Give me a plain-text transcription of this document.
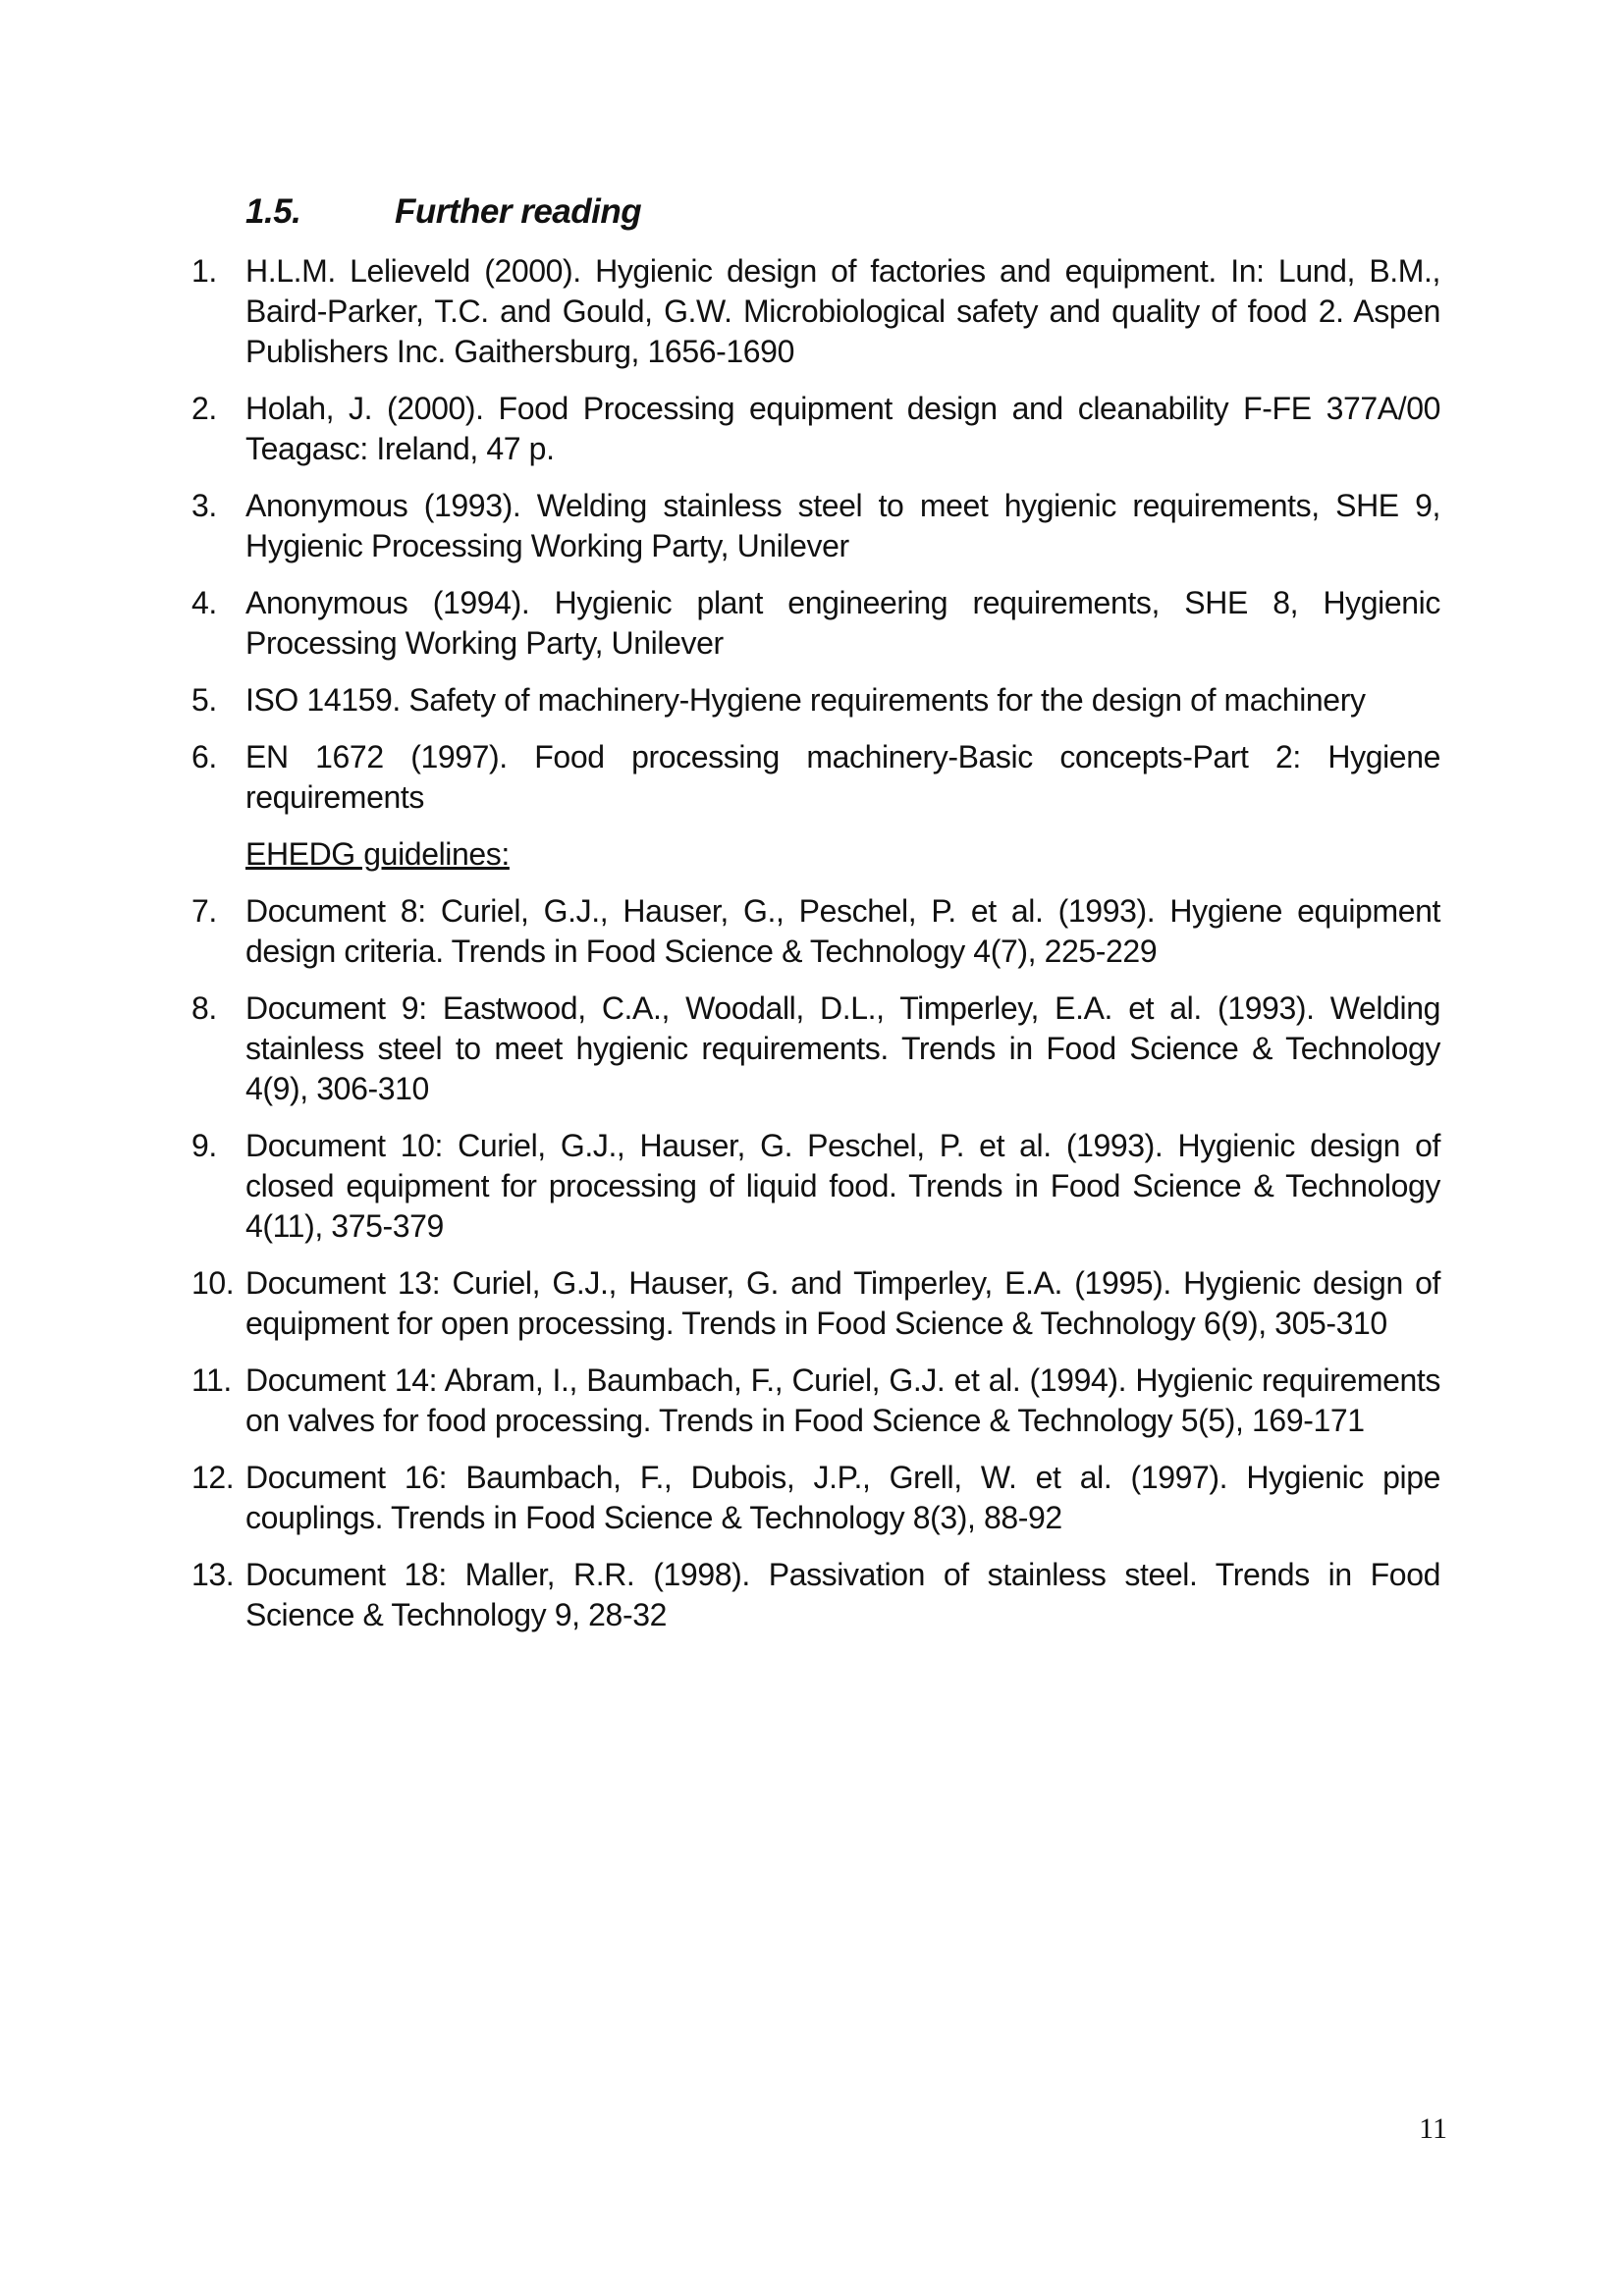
1.5.	Further reading
1. H.L.M. Lelieveld (2000). Hygienic design of factories and equipment. In: Lund, B.M., Baird-Parker, T.C. and Gould, G.W. Microbiological safety and quality of food 2. Aspen Publishers Inc. Gaithersburg, 1656-1690
2. Holah, J. (2000). Food Processing equipment design and cleanability F-FE 377A/00 Teagasc: Ireland, 47 p.
3. Anonymous (1993). Welding stainless steel to meet hygienic requirements, SHE 9, Hygienic Processing Working Party, Unilever
4. Anonymous (1994). Hygienic plant engineering requirements, SHE 8, Hygienic Processing Working Party, Unilever
5. ISO 14159. Safety of machinery-Hygiene requirements for the design of machinery
6. EN 1672 (1997). Food processing machinery-Basic concepts-Part 2: Hygiene requirements
EHEDG guidelines:
7. Document 8: Curiel, G.J., Hauser, G., Peschel, P. et al. (1993). Hygiene equipment design criteria. Trends in Food Science & Technology 4(7), 225-229
8. Document 9: Eastwood, C.A., Woodall, D.L., Timperley, E.A. et al. (1993). Welding stainless steel to meet hygienic requirements. Trends in Food Science & Technology 4(9), 306-310
9. Document 10: Curiel, G.J., Hauser, G. Peschel, P. et al. (1993). Hygienic design of closed equipment for processing of liquid food. Trends in Food Science & Technology 4(11), 375-379
10. Document 13: Curiel, G.J., Hauser, G. and Timperley, E.A. (1995). Hygienic design of equipment for open processing. Trends in Food Science & Technology 6(9), 305-310
11. Document 14: Abram, I., Baumbach, F., Curiel, G.J. et al. (1994). Hygienic requirements on valves for food processing. Trends in Food Science & Technology 5(5), 169-171
12. Document 16: Baumbach, F., Dubois, J.P., Grell, W. et al. (1997). Hygienic pipe couplings. Trends in Food Science & Technology 8(3), 88-92
13. Document 18: Maller, R.R. (1998). Passivation of stainless steel. Trends in Food Science & Technology 9, 28-32
11
